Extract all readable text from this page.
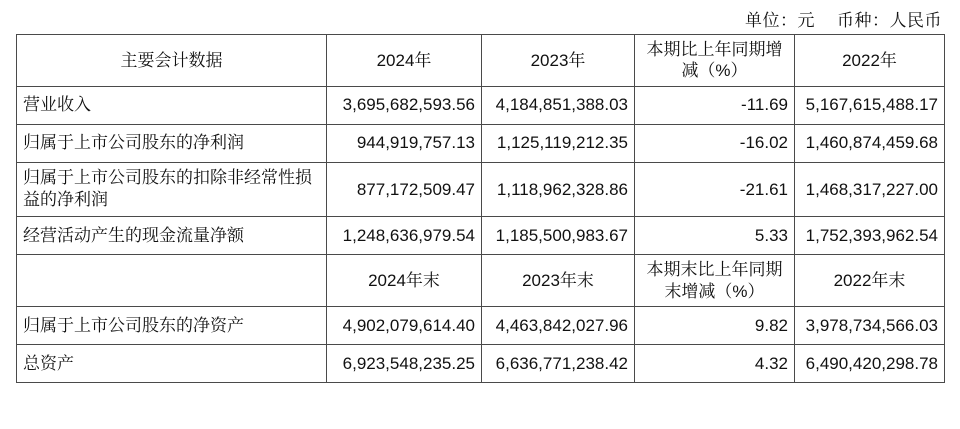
单位：元 币种：人民币
主要会计数据	2024年	2023年	本期比上年同期增减（%）	2022年
营业收入	3,695,682,593.56	4,184,851,388.03	-11.69	5,167,615,488.17
归属于上市公司股东的净利润	944,919,757.13	1,125,119,212.35	-16.02	1,460,874,459.68
归属于上市公司股东的扣除非经常性损益的净利润	877,172,509.47	1,118,962,328.86	-21.61	1,468,317,227.00
经营活动产生的现金流量净额	1,248,636,979.54	1,185,500,983.67	5.33	1,752,393,962.54
	2024年末	2023年末	本期末比上年同期末增减（%）	2022年末
归属于上市公司股东的净资产	4,902,079,614.40	4,463,842,027.96	9.82	3,978,734,566.03
总资产	6,923,548,235.25	6,636,771,238.42	4.32	6,490,420,298.78
